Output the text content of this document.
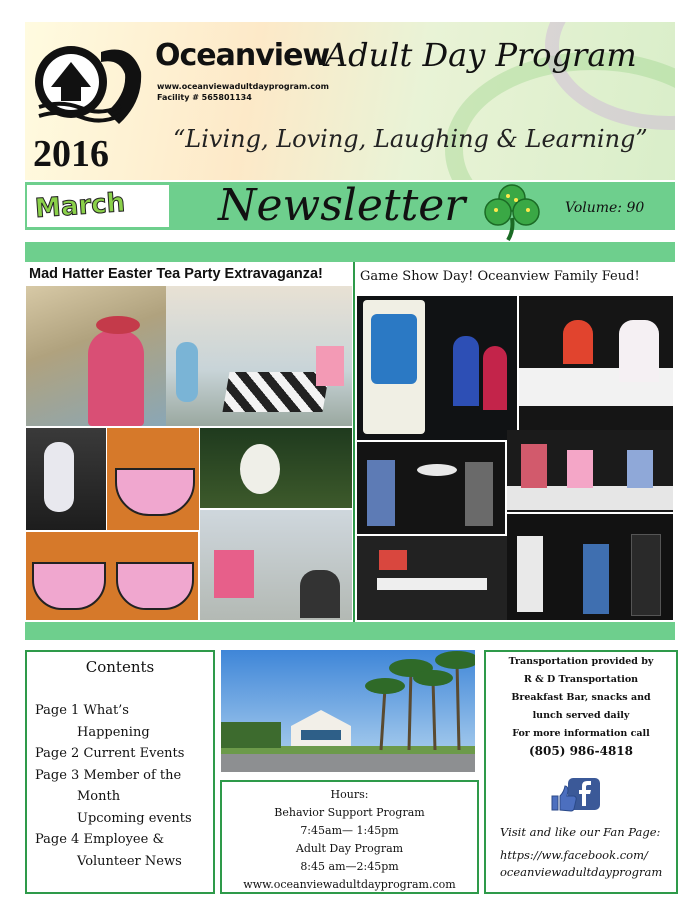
Oceanview
Adult Day Program
www.oceanviewadultdayprogram.com
Facility # 565801134
2016	“Living, Loving, Laughing & Learning”
March Newsletter	Volume: 90
Mad Hatter Easter Tea Party Extravaganza!	Game Show Day! Oceanview Family Feud!
Contents
Page 1 What’s
Happening
Page 2 Current Events
Page 3 Member of the
Month
Upcoming events
Page 4 Employee &
Volunteer News
Hours:
Behavior Support Program
7:45am— 1:45pm
Adult Day Program
8:45 am—2:45pm
www.oceanviewadultdayprogram.com
Transportation provided by
R & D Transportation
Breakfast Bar, snacks and
lunch served daily
For more information call
(805) 986-4818
Visit and like our Fan Page:
https://ww.facebook.com/
oceanviewadultdayprogram
